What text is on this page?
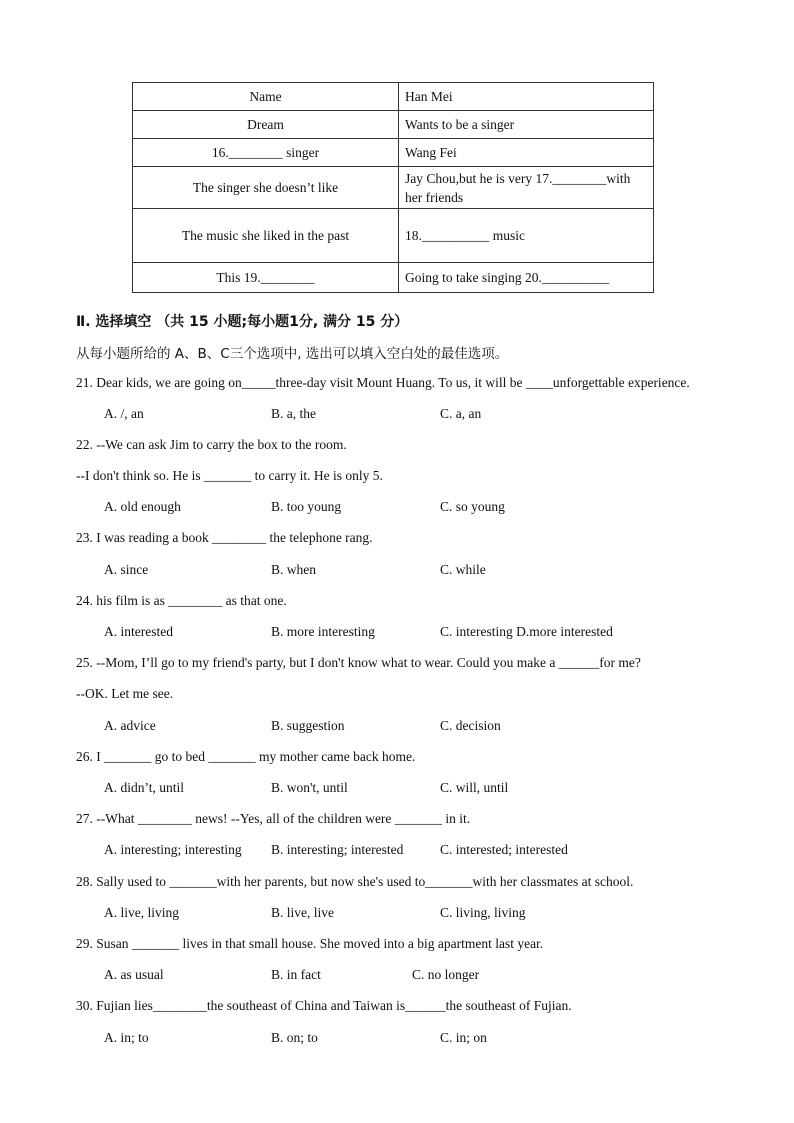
Name	Han Mei
Dream	Wants to be a singer
16.________ singer	Wang Fei
The singer she doesn’t like	Jay Chou,but he is very 17.________with her friends
The music she liked in the past	18.__________ music
This 19.________	Going to take singing 20.__________
Ⅱ. 选择填空 （共 15 小题;每小题1分, 满分 15 分）
从每小题所给的 A、B、C三个选项中, 选出可以填入空白处的最佳选项。
21. Dear kids, we are going on_____three-day visit Mount Huang. To us, it will be ____unforgettable experience.
A. /, an	B. a, the	C. a, an
22. --We can ask Jim to carry the box to the room.
--I don't think so. He is _______ to carry it. He is only 5.
A. old enough	B. too young	C. so young
23. I was reading a book ________ the telephone rang.
A. since	B. when	C. while
24. his film is as ________ as that one.
A. interested	B. more interesting	C. interesting D.more interested
25. --Mom, I’ll go to my friend's party, but I don't know what to wear. Could you make a ______for me?
--OK. Let me see.
A. advice	B. suggestion	C. decision
26. I _______ go to bed _______ my mother came back home.
A. didn’t, until	B. won't, until	C. will, until
27. --What ________ news! --Yes, all of the children were _______ in it.
A. interesting; interesting B. interesting; interested	C. interested; interested
28. Sally used to _______with her parents, but now she's used to_______with her classmates at school.
A. live, living	B. live, live	C. living, living
29. Susan _______ lives in that small house. She moved into a big apartment last year.
A. as usual	B. in fact	C. no longer
30. Fujian lies________the southeast of China and Taiwan is______the southeast of Fujian.
A. in; to	B. on; to	C. in; on
